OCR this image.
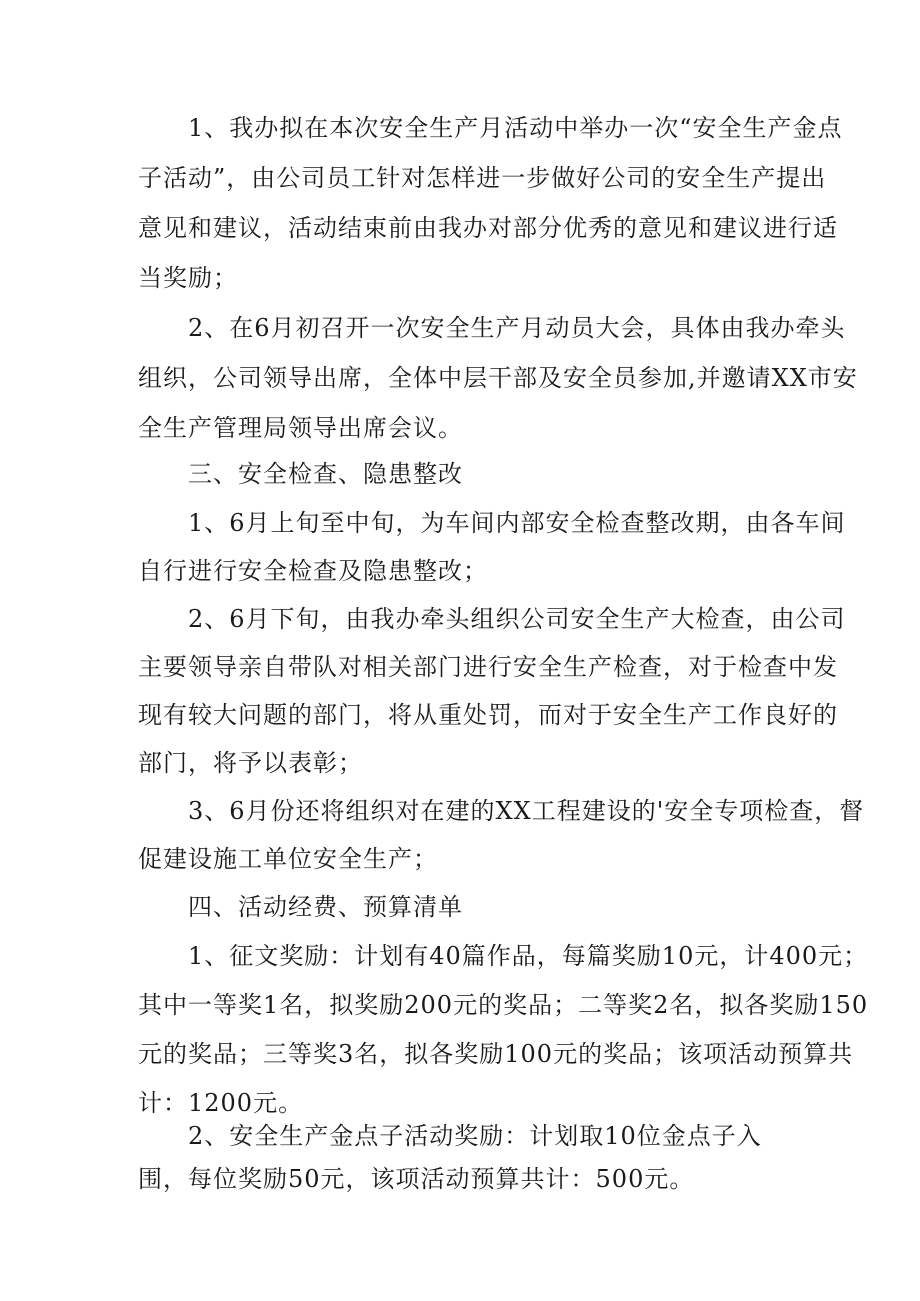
1、我办拟在本次安全生产月活动中举办一次“安全生产金点
子活动”，由公司员工针对怎样进一步做好公司的安全生产提出
意见和建议，活动结束前由我办对部分优秀的意见和建议进行适
当奖励；
2、在6月初召开一次安全生产月动员大会，具体由我办牵头
组织，公司领导出席，全体中层干部及安全员参加,并邀请XX市安
全生产管理局领导出席会议。
三、安全检查、隐患整改
1、6月上旬至中旬，为车间内部安全检查整改期，由各车间
自行进行安全检查及隐患整改；
2、6月下旬，由我办牵头组织公司安全生产大检查，由公司
主要领导亲自带队对相关部门进行安全生产检查，对于检查中发
现有较大问题的部门，将从重处罚，而对于安全生产工作良好的
部门，将予以表彰；
3、6月份还将组织对在建的XX工程建设的'安全专项检查，督
促建设施工单位安全生产；
四、活动经费、预算清单
1、征文奖励：计划有40篇作品，每篇奖励10元，计400元；
其中一等奖1名，拟奖励200元的奖品；二等奖2名，拟各奖励150
元的奖品；三等奖3名，拟各奖励100元的奖品；该项活动预算共
计：1200元。
2、安全生产金点子活动奖励：计划取10位金点子入
围，每位奖励50元，该项活动预算共计：500元。
